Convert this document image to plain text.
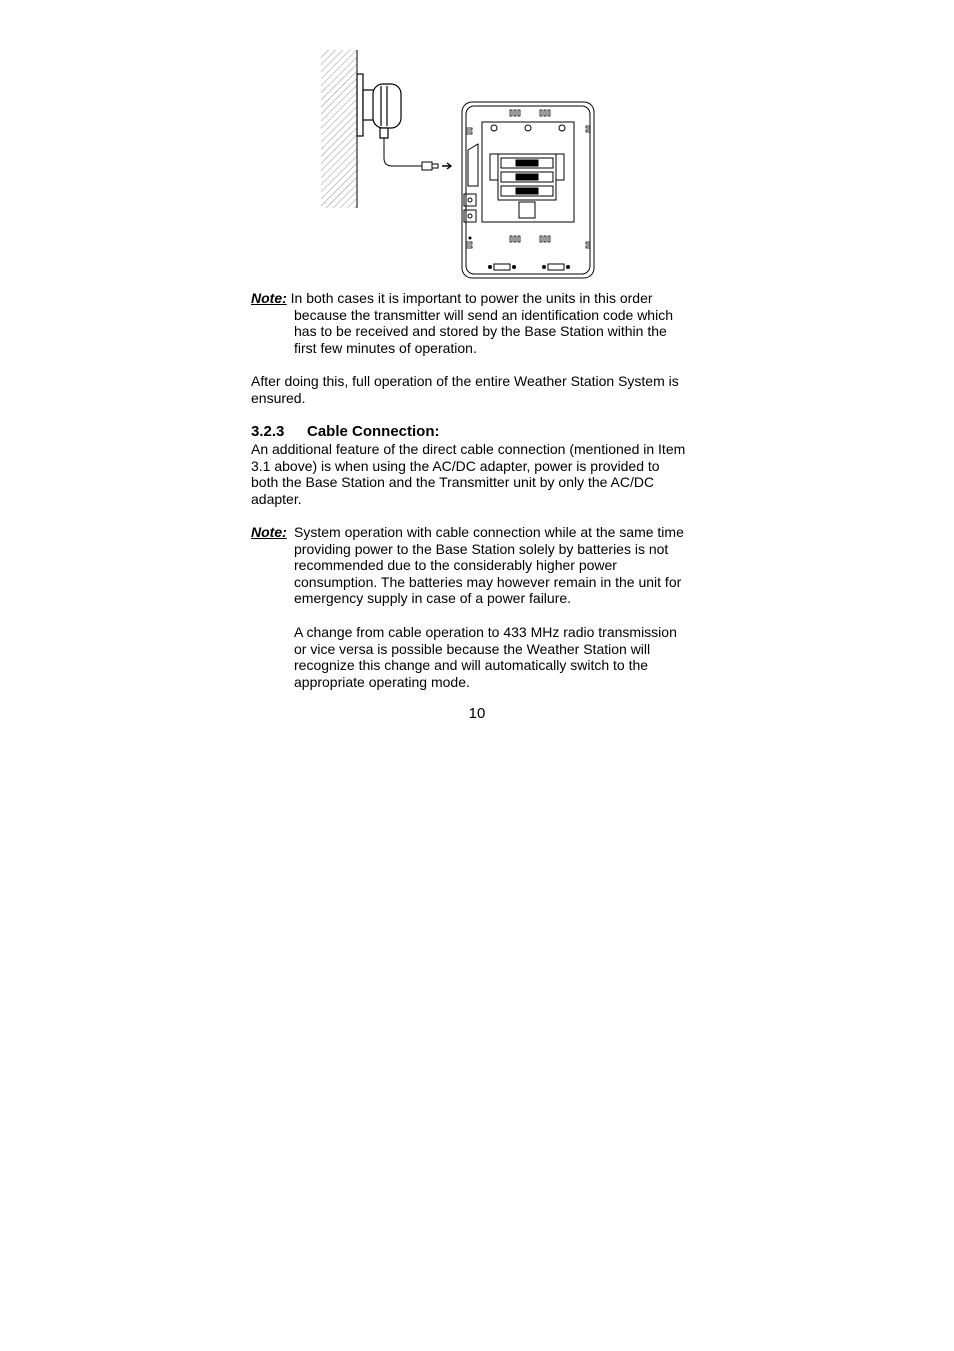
Note: In both cases it is important to power the units in this order

because the transmitter will send an identification code which

has to be received and stored by the Base Station within the

first few minutes of operation.

After doing this, full operation of the entire Weather Station System is

ensured.

3.2.3 Cable Connection:

An additional feature of the direct cable connection (mentioned in Item

3.1 above) is when using the AC/DC adapter, power is provided to

both the Base Station and the Transmitter unit by only the AC/DC

adapter.

Note: System operation with cable connection while at the same time

providing power to the Base Station solely by batteries is not

recommended due to the considerably higher power

consumption. The batteries may however remain in the unit for

emergency supply in case of a power failure.

A change from cable operation to 433 MHz radio transmission

or vice versa is possible because the Weather Station will

recognize this change and will automatically switch to the

appropriate operating mode.

10
